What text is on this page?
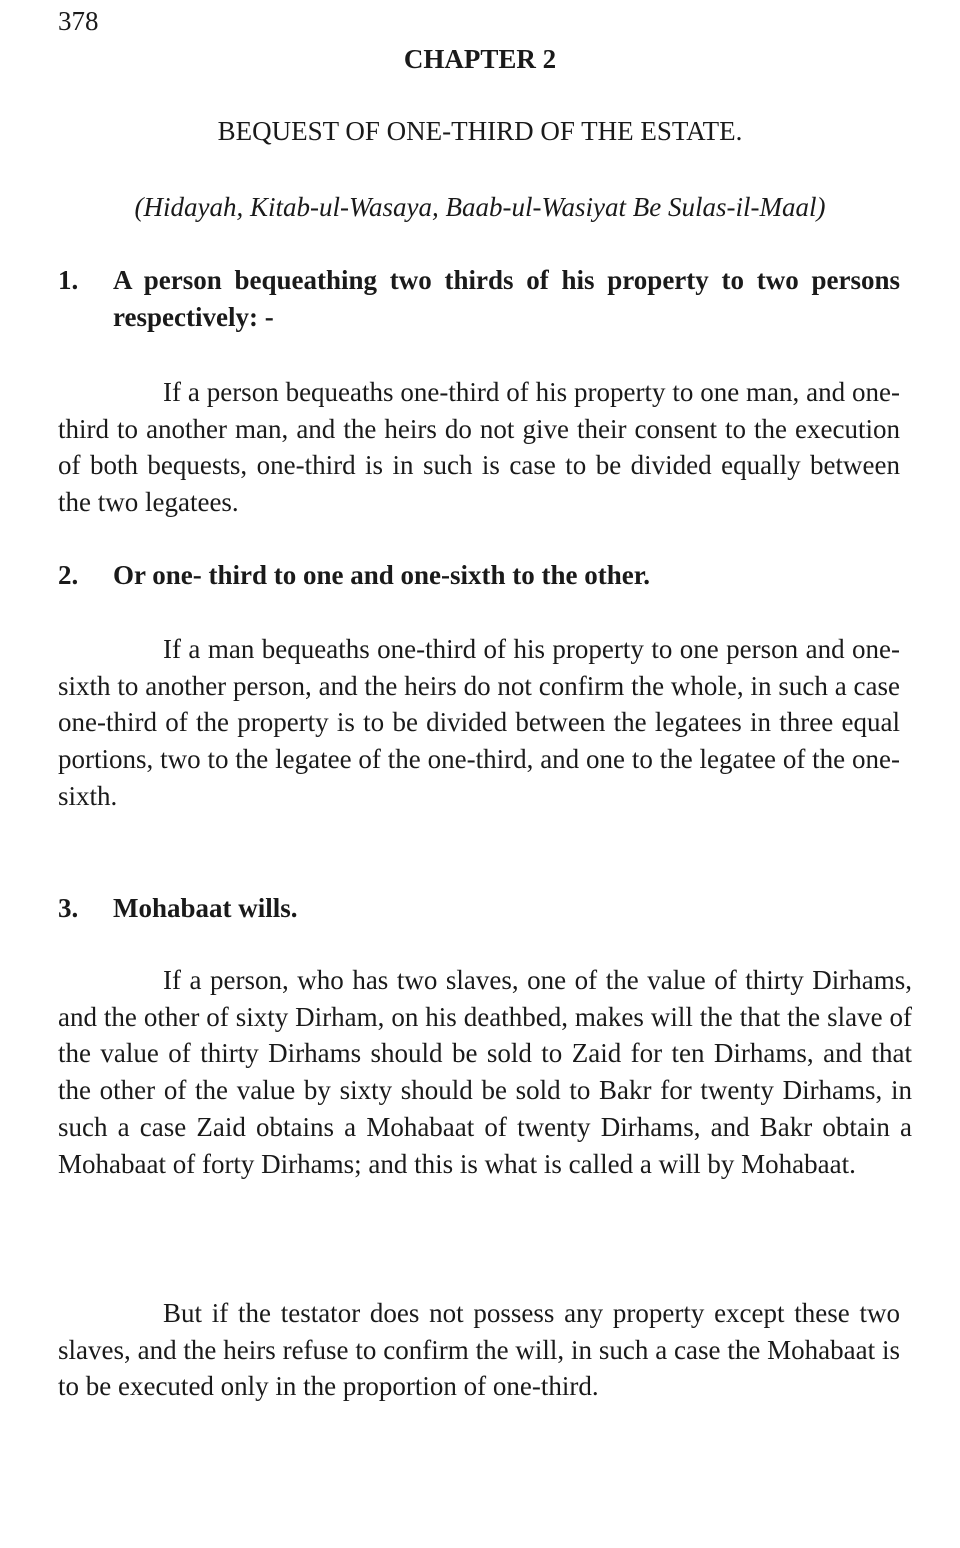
378
CHAPTER 2
BEQUEST OF ONE-THIRD OF THE ESTATE.
(Hidayah, Kitab-ul-Wasaya, Baab-ul-Wasiyat Be Sulas-il-Maal)
1.	A person bequeathing two thirds of his property to two persons respectively: -

If a person bequeaths one-third of his property to one man, and one-third to another man, and the heirs do not give their consent to the execution of both bequests, one-third is in such is case to be divided equally between the two legatees.

2.	Or one- third to one and one-sixth to the other.

If a man bequeaths one-third of his property to one person and one-sixth to another person, and the heirs do not confirm the whole, in such a case one-third of the property is to be divided between the legatees in three equal portions, two to the legatee of the one-third, and one to the legatee of the one-sixth.

3.	Mohabaat wills.

If a person, who has two slaves, one of the value of thirty Dirhams, and the other of sixty Dirham, on his deathbed, makes will the that the slave of the value of thirty Dirhams should be sold to Zaid for ten Dirhams, and that the other of the value by sixty should be sold to Bakr for twenty Dirhams, in such a case Zaid obtains a Mohabaat of twenty Dirhams, and Bakr obtain a Mohabaat of forty Dirhams; and this is what is called a will by Mohabaat.

But if the testator does not possess any property except these two slaves, and the heirs refuse to confirm the will, in such a case the Mohabaat is to be executed only in the proportion of one-third.
